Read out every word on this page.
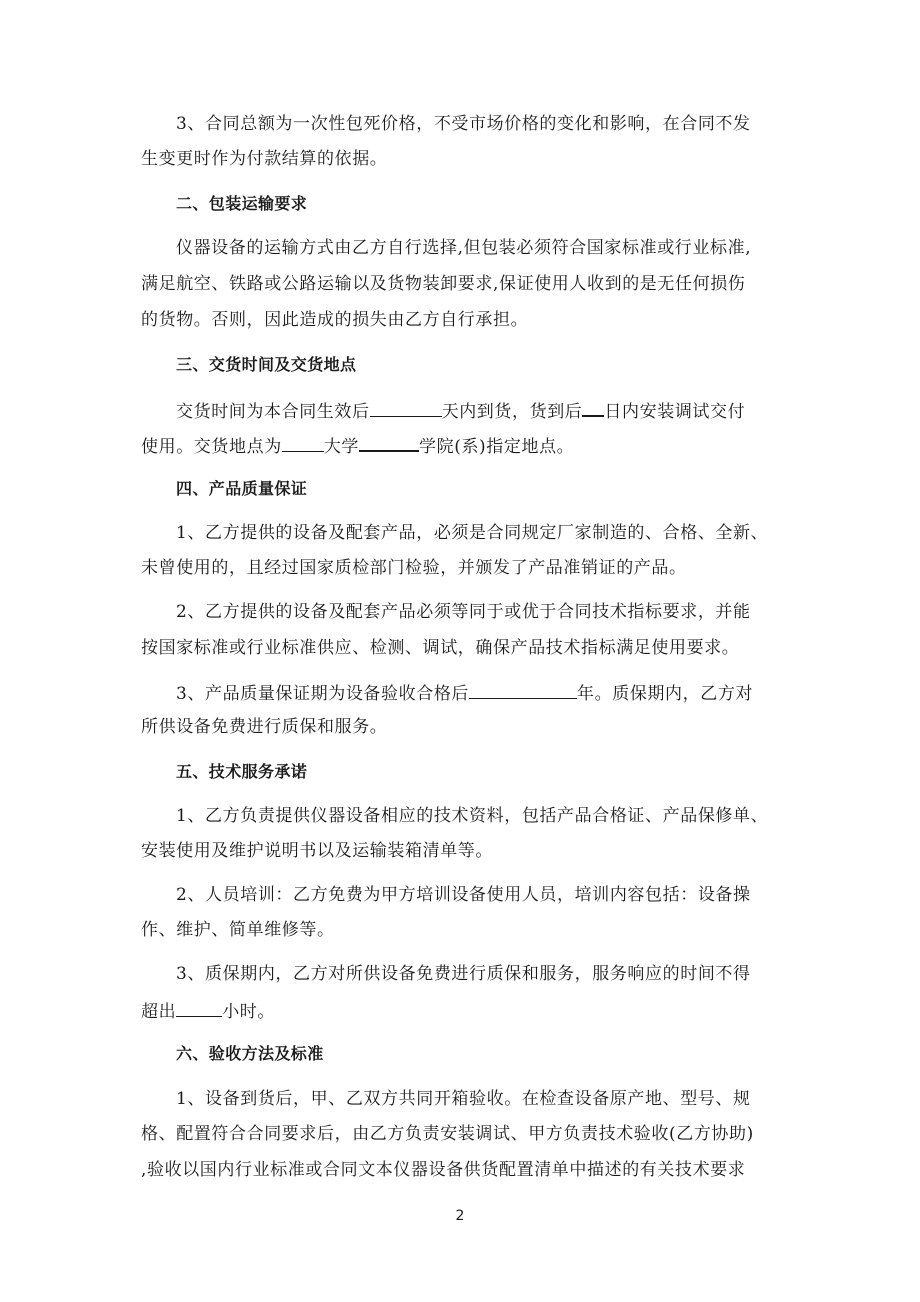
3、合同总额为一次性包死价格，不受市场价格的变化和影响，在合同不发
生变更时作为付款结算的依据。
二、包装运输要求
仪器设备的运输方式由乙方自行选择,但包装必须符合国家标准或行业标准,
满足航空、铁路或公路运输以及货物装卸要求,保证使用人收到的是无任何损伤
的货物。否则，因此造成的损失由乙方自行承担。
三、交货时间及交货地点
交货时间为本合同生效后	天内到货，货到后 日内安装调试交付
使用。交货地点为 大学	学院(系)指定地点。
四、产品质量保证
1、乙方提供的设备及配套产品，必须是合同规定厂家制造的、合格、全新、
未曾使用的，且经过国家质检部门检验，并颁发了产品准销证的产品。
2、乙方提供的设备及配套产品必须等同于或优于合同技术指标要求，并能
按国家标准或行业标准供应、检测、调试，确保产品技术指标满足使用要求。
3、产品质量保证期为设备验收合格后	年。质保期内，乙方对
所供设备免费进行质保和服务。
五、技术服务承诺
1、乙方负责提供仪器设备相应的技术资料，包括产品合格证、产品保修单、
安装使用及维护说明书以及运输装箱清单等。
2、人员培训：乙方免费为甲方培训设备使用人员，培训内容包括：设备操
作、维护、简单维修等。
3、质保期内，乙方对所供设备免费进行质保和服务，服务响应的时间不得
超出	小时。
六、验收方法及标准
1、设备到货后，甲、乙双方共同开箱验收。在检查设备原产地、型号、规
格、配置符合合同要求后，由乙方负责安装调试、甲方负责技术验收(乙方协助)
,验收以国内行业标准或合同文本仪器设备供货配置清单中描述的有关技术要求
2
